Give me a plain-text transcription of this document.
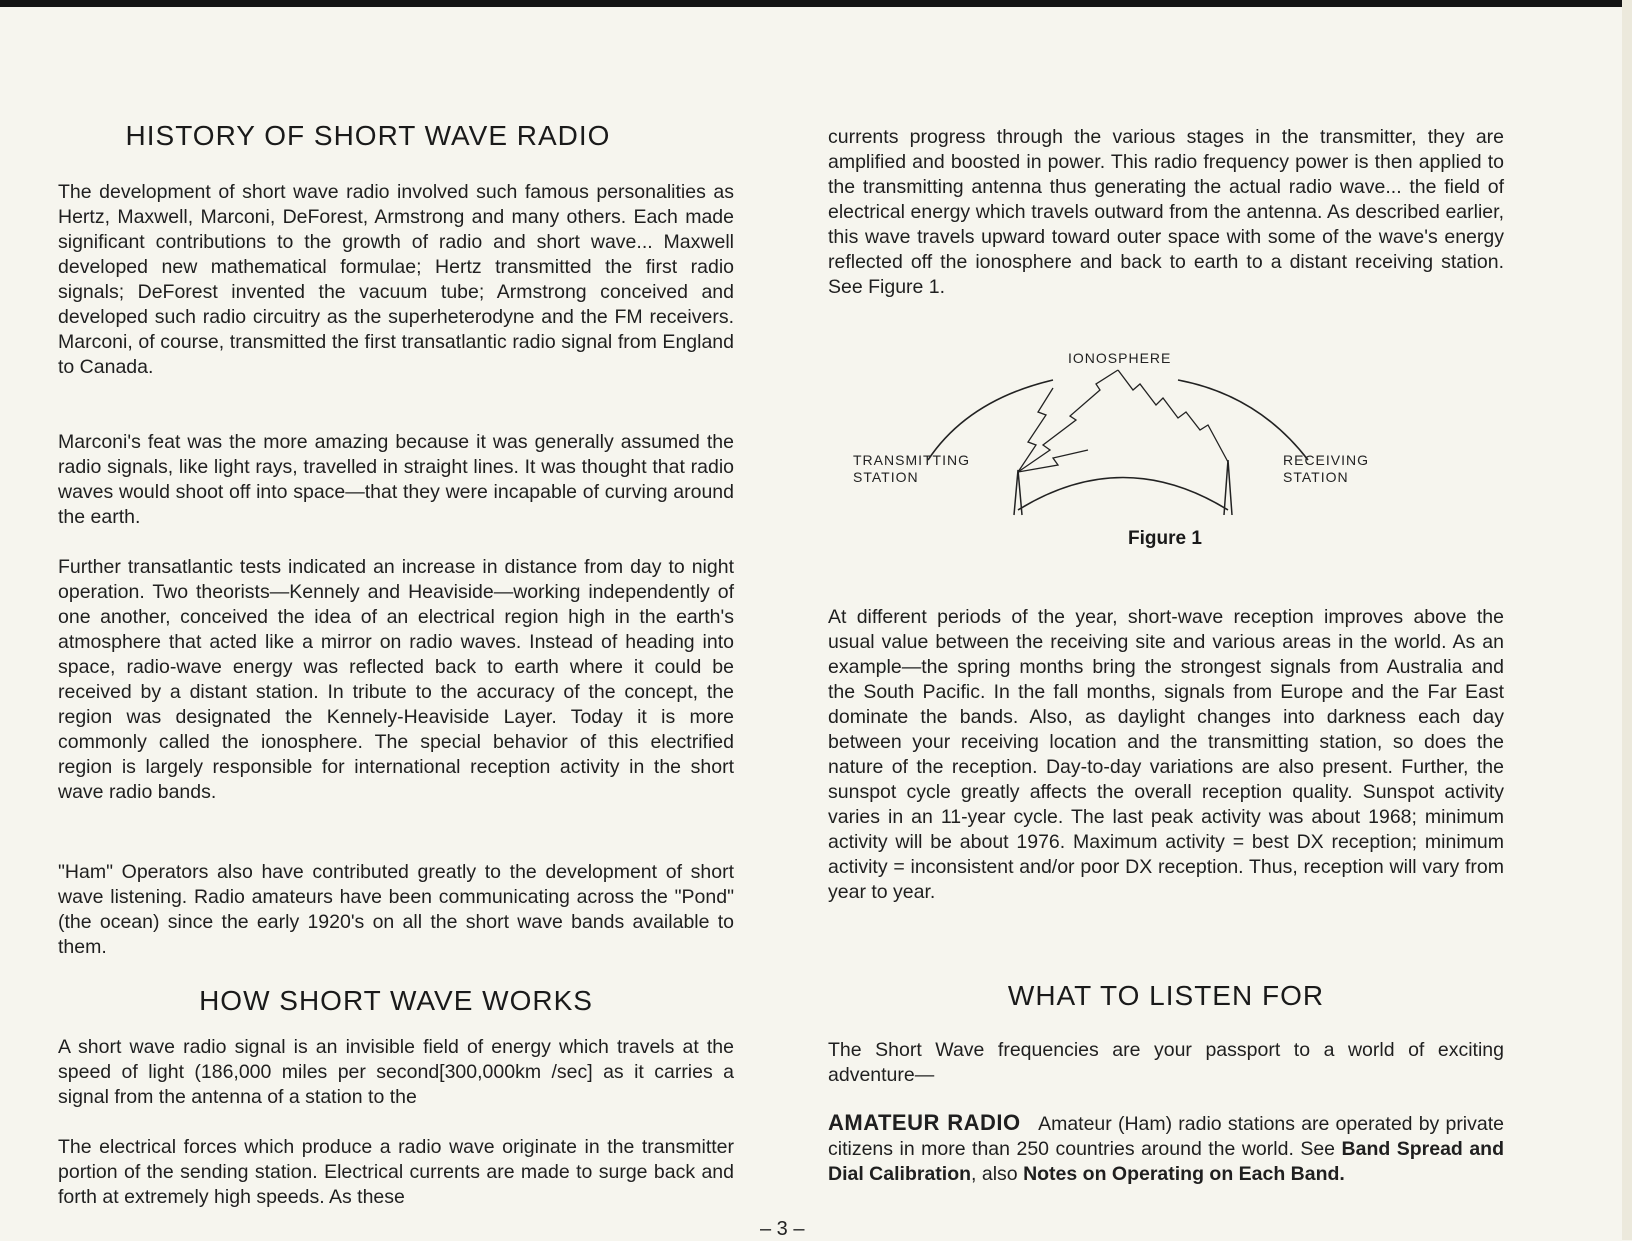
HISTORY OF SHORT WAVE RADIO

The development of short wave radio involved such famous personalities as Hertz, Maxwell, Marconi, DeForest, Armstrong and many others. Each made significant contributions to the growth of radio and short wave... Maxwell developed new mathematical formulae; Hertz transmitted the first radio signals; DeForest invented the vacuum tube; Armstrong conceived and developed such radio circuitry as the superheterodyne and the FM receivers. Marconi, of course, transmitted the first transatlantic radio signal from England to Canada.

Marconi's feat was the more amazing because it was generally assumed the radio signals, like light rays, travelled in straight lines. It was thought that radio waves would shoot off into space—that they were incapable of curving around the earth.

Further transatlantic tests indicated an increase in distance from day to night operation. Two theorists—Kennely and Heaviside—working independently of one another, conceived the idea of an electrical region high in the earth's atmosphere that acted like a mirror on radio waves. Instead of heading into space, radio-wave energy was reflected back to earth where it could be received by a distant station. In tribute to the accuracy of the concept, the region was designated the Kennely-Heaviside Layer. Today it is more commonly called the ionosphere. The special behavior of this electrified region is largely responsible for international reception activity in the short wave radio bands.

"Ham" Operators also have contributed greatly to the development of short wave listening. Radio amateurs have been communicating across the "Pond" (the ocean) since the early 1920's on all the short wave bands available to them.

HOW SHORT WAVE WORKS

A short wave radio signal is an invisible field of energy which travels at the speed of light (186,000 miles per second[300,000km /sec] as it carries a signal from the antenna of a station to the

The electrical forces which produce a radio wave originate in the transmitter portion of the sending station. Electrical currents are made to surge back and forth at extremely high speeds. As these

currents progress through the various stages in the transmitter, they are amplified and boosted in power. This radio frequency power is then applied to the transmitting antenna thus generating the actual radio wave... the field of electrical energy which travels outward from the antenna. As described earlier, this wave travels upward toward outer space with some of the wave's energy reflected off the ionosphere and back to earth to a distant receiving station. See Figure 1.

IONOSPHERE
TRANSMITTING
STATION
RECEIVING
STATION
Figure 1

At different periods of the year, short-wave reception improves above the usual value between the receiving site and various areas in the world. As an example—the spring months bring the strongest signals from Australia and the South Pacific. In the fall months, signals from Europe and the Far East dominate the bands. Also, as daylight changes into darkness each day between your receiving location and the transmitting station, so does the nature of the reception. Day-to-day variations are also present. Further, the sunspot cycle greatly affects the overall reception quality. Sunspot activity varies in an 11-year cycle. The last peak activity was about 1968; minimum activity will be about 1976. Maximum activity = best DX reception; minimum activity = inconsistent and/or poor DX reception. Thus, reception will vary from year to year.

WHAT TO LISTEN FOR

The Short Wave frequencies are your passport to a world of exciting adventure—

AMATEUR RADIO Amateur (Ham) radio stations are operated by private citizens in more than 250 countries around the world. See Band Spread and Dial Calibration, also Notes on Operating on Each Band.

– 3 –
